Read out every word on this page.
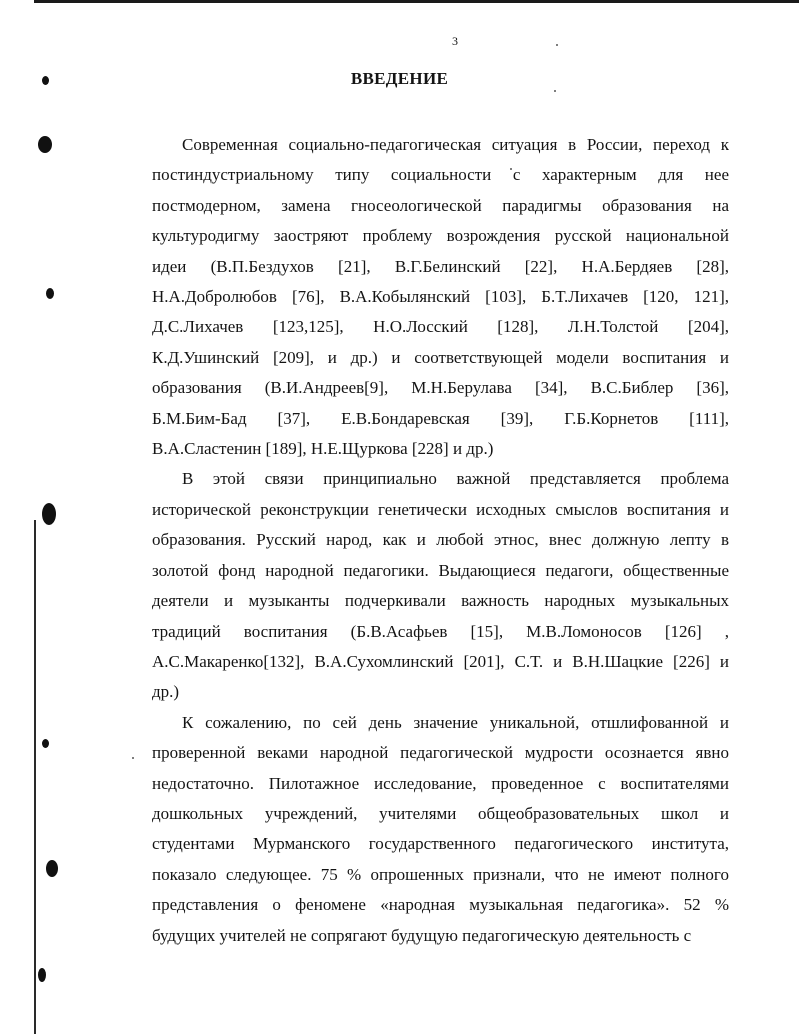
3
ВВЕДЕНИЕ
Современная социально-педагогическая ситуация в России, переход к
постиндустриальному типу социальности с характерным для нее
постмодерном, замена гносеологической парадигмы образования на
культуродигму заостряют проблему возрождения русской национальной
идеи (В.П.Бездухов [21], В.Г.Белинский [22], Н.А.Бердяев [28],
Н.А.Добролюбов [76], В.А.Кобылянский [103], Б.Т.Лихачев [120, 121],
Д.С.Лихачев [123,125], Н.О.Лосский [128], Л.Н.Толстой [204],
К.Д.Ушинский [209], и др.) и соответствующей модели воспитания и
образования (В.И.Андреев[9], М.Н.Берулава [34], В.С.Библер [36],
Б.М.Бим-Бад [37], Е.В.Бондаревская [39], Г.Б.Корнетов [111],
В.А.Сластенин [189], Н.Е.Щуркова [228] и др.)
В этой связи принципиально важной представляется проблема
исторической реконструкции генетически исходных смыслов воспитания и
образования. Русский народ, как и любой этнос, внес должную лепту в
золотой фонд народной педагогики. Выдающиеся педагоги, общественные
деятели и музыканты подчеркивали важность народных музыкальных
традиций воспитания (Б.В.Асафьев [15], М.В.Ломоносов [126] ,
А.С.Макаренко[132], В.А.Сухомлинский [201], С.Т. и В.Н.Шацкие [226] и
др.)
К сожалению, по сей день значение уникальной, отшлифованной и
проверенной веками народной педагогической мудрости осознается явно
недостаточно. Пилотажное исследование, проведенное с воспитателями
дошкольных учреждений, учителями общеобразовательных школ и
студентами Мурманского государственного педагогического института,
показало следующее. 75 % опрошенных признали, что не имеют полного
представления о феномене «народная музыкальная педагогика». 52 %
будущих учителей не сопрягают будущую педагогическую деятельность с
